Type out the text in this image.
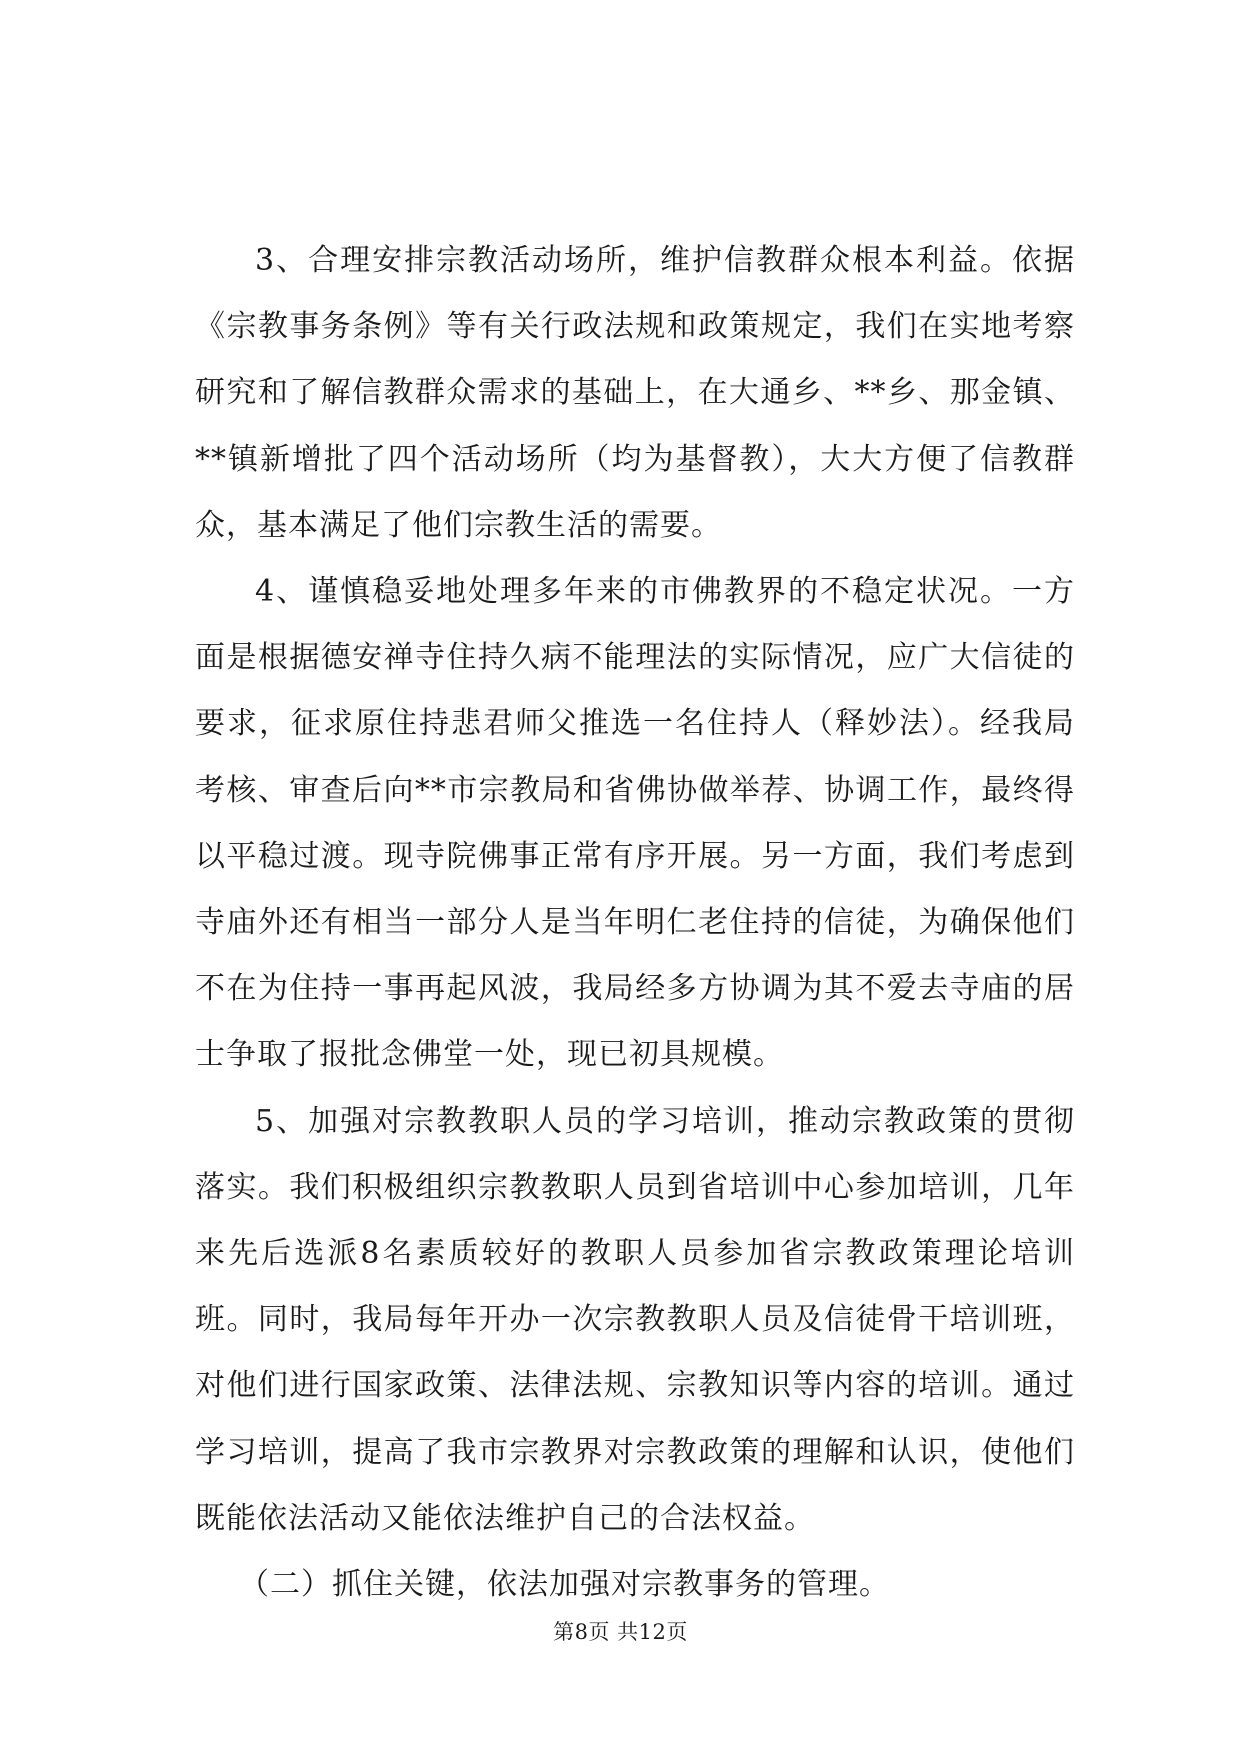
3、合理安排宗教活动场所，维护信教群众根本利益。依据《宗教事务条例》等有关行政法规和政策规定，我们在实地考察研究和了解信教群众需求的基础上，在大通乡、**乡、那金镇、**镇新增批了四个活动场所（均为基督教），大大方便了信教群众，基本满足了他们宗教生活的需要。

4、谨慎稳妥地处理多年来的市佛教界的不稳定状况。一方面是根据德安禅寺住持久病不能理法的实际情况，应广大信徒的要求，征求原住持悲君师父推选一名住持人（释妙法）。经我局考核、审查后向**市宗教局和省佛协做举荐、协调工作，最终得以平稳过渡。现寺院佛事正常有序开展。另一方面，我们考虑到寺庙外还有相当一部分人是当年明仁老住持的信徒，为确保他们不在为住持一事再起风波，我局经多方协调为其不爱去寺庙的居士争取了报批念佛堂一处，现已初具规模。

5、加强对宗教教职人员的学习培训，推动宗教政策的贯彻落实。我们积极组织宗教教职人员到省培训中心参加培训，几年来先后选派8名素质较好的教职人员参加省宗教政策理论培训班。同时，我局每年开办一次宗教教职人员及信徒骨干培训班，对他们进行国家政策、法律法规、宗教知识等内容的培训。通过学习培训，提高了我市宗教界对宗教政策的理解和认识，使他们既能依法活动又能依法维护自己的合法权益。

（二）抓住关键，依法加强对宗教事务的管理。

第8页 共12页
